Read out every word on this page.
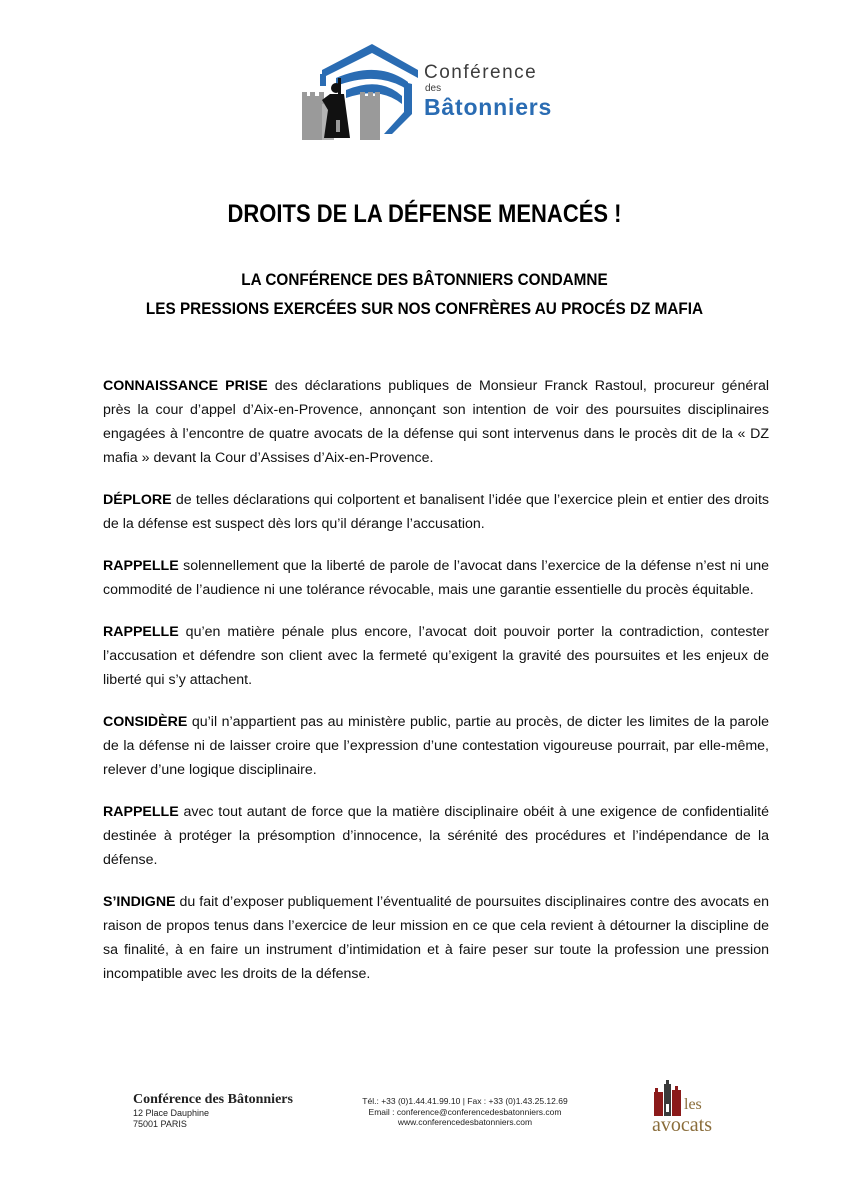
Conférence
des
Bâtonniers
DROITS DE LA DÉFENSE MENACÉS !
LA CONFÉRENCE DES BÂTONNIERS CONDAMNE
LES PRESSIONS EXERCÉES SUR NOS CONFRÈRES AU PROCÉS DZ MAFIA

CONNAISSANCE PRISE des déclarations publiques de Monsieur Franck Rastoul, procureur général près la cour d’appel d’Aix-en-Provence, annonçant son intention de voir des poursuites disciplinaires engagées à l’encontre de quatre avocats de la défense qui sont intervenus dans le procès dit de la « DZ mafia » devant la Cour d’Assises d’Aix-en-Provence.

DÉPLORE de telles déclarations qui colportent et banalisent l’idée que l’exercice plein et entier des droits de la défense est suspect dès lors qu’il dérange l’accusation.

RAPPELLE solennellement que la liberté de parole de l’avocat dans l’exercice de la défense n’est ni une commodité de l’audience ni une tolérance révocable, mais une garantie essentielle du procès équitable.

RAPPELLE qu’en matière pénale plus encore, l’avocat doit pouvoir porter la contradiction, contester l’accusation et défendre son client avec la fermeté qu’exigent la gravité des poursuites et les enjeux de liberté qui s’y attachent.

CONSIDÈRE qu’il n’appartient pas au ministère public, partie au procès, de dicter les limites de la parole de la défense ni de laisser croire que l’expression d’une contestation vigoureuse pourrait, par elle-même, relever d’une logique disciplinaire.

RAPPELLE avec tout autant de force que la matière disciplinaire obéit à une exigence de confidentialité destinée à protéger la présomption d’innocence, la sérénité des procédures et l’indépendance de la défense.

S’INDIGNE du fait d’exposer publiquement l’éventualité de poursuites disciplinaires contre des avocats en raison de propos tenus dans l’exercice de leur mission en ce que cela revient à détourner la discipline de sa finalité, à en faire un instrument d’intimidation et à faire peser sur toute la profession une pression incompatible avec les droits de la défense.

Conférence des Bâtonniers
12 Place Dauphine
75001 PARIS
Tél.: +33 (0)1.44.41.99.10 | Fax : +33 (0)1.43.25.12.69
Email : conference@conferencedesbatonniers.com
www.conferencedesbatonniers.com
les
avocats
